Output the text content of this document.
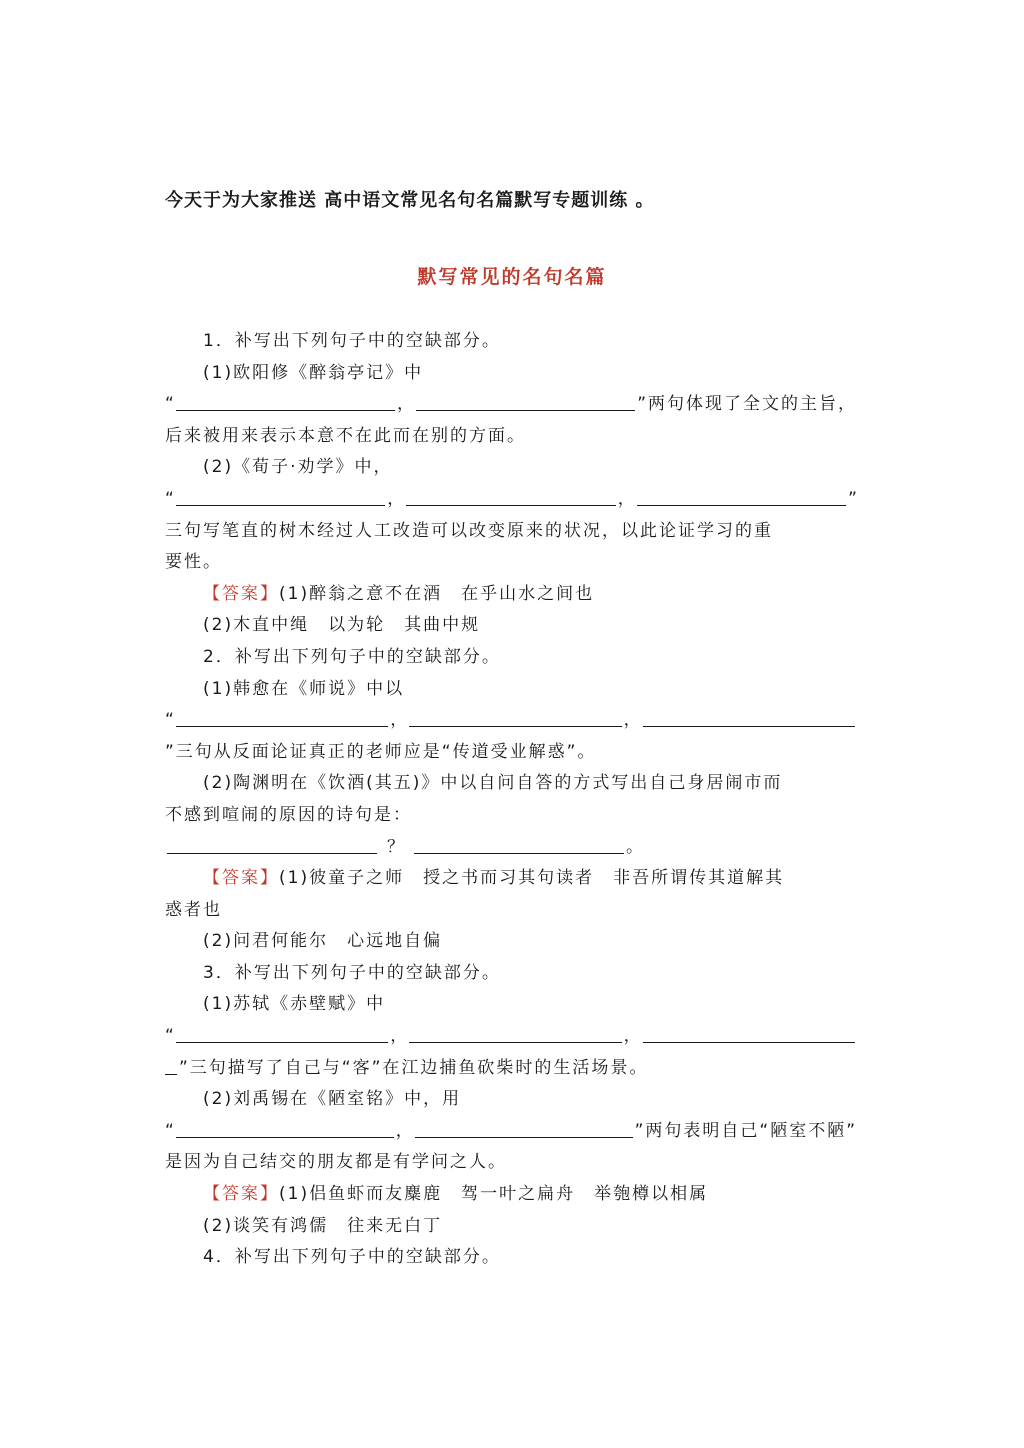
今天于为大家推送 高中语文常见名句名篇默写专题训练 。
默写常见的名句名篇
1．补写出下列句子中的空缺部分。
(1)欧阳修《醉翁亭记》中
“	，	”两句体现了全文的主旨，
后来被用来表示本意不在此而在别的方面。
(2)《荀子·劝学》中，
“	，	，	”
三句写笔直的树木经过人工改造可以改变原来的状况，以此论证学习的重
要性。
【答案】(1)醉翁之意不在酒　在乎山水之间也
(2)木直中绳　以为轮　其曲中规
2．补写出下列句子中的空缺部分。
(1)韩愈在《师说》中以
“	，	，
”三句从反面论证真正的老师应是“传道受业解惑”。
(2)陶渊明在《饮酒(其五)》中以自问自答的方式写出自己身居闹市而
不感到喧闹的原因的诗句是：
？	。
【答案】(1)彼童子之师　授之书而习其句读者　非吾所谓传其道解其
惑者也
(2)问君何能尔　心远地自偏
3．补写出下列句子中的空缺部分。
(1)苏轼《赤壁赋》中
“	，	，
”三句描写了自己与“客”在江边捕鱼砍柴时的生活场景。
(2)刘禹锡在《陋室铭》中，用
“	，	”两句表明自己“陋室不陋”
是因为自己结交的朋友都是有学问之人。
【答案】(1)侣鱼虾而友麋鹿　驾一叶之扁舟　举匏樽以相属
(2)谈笑有鸿儒　往来无白丁
4．补写出下列句子中的空缺部分。
